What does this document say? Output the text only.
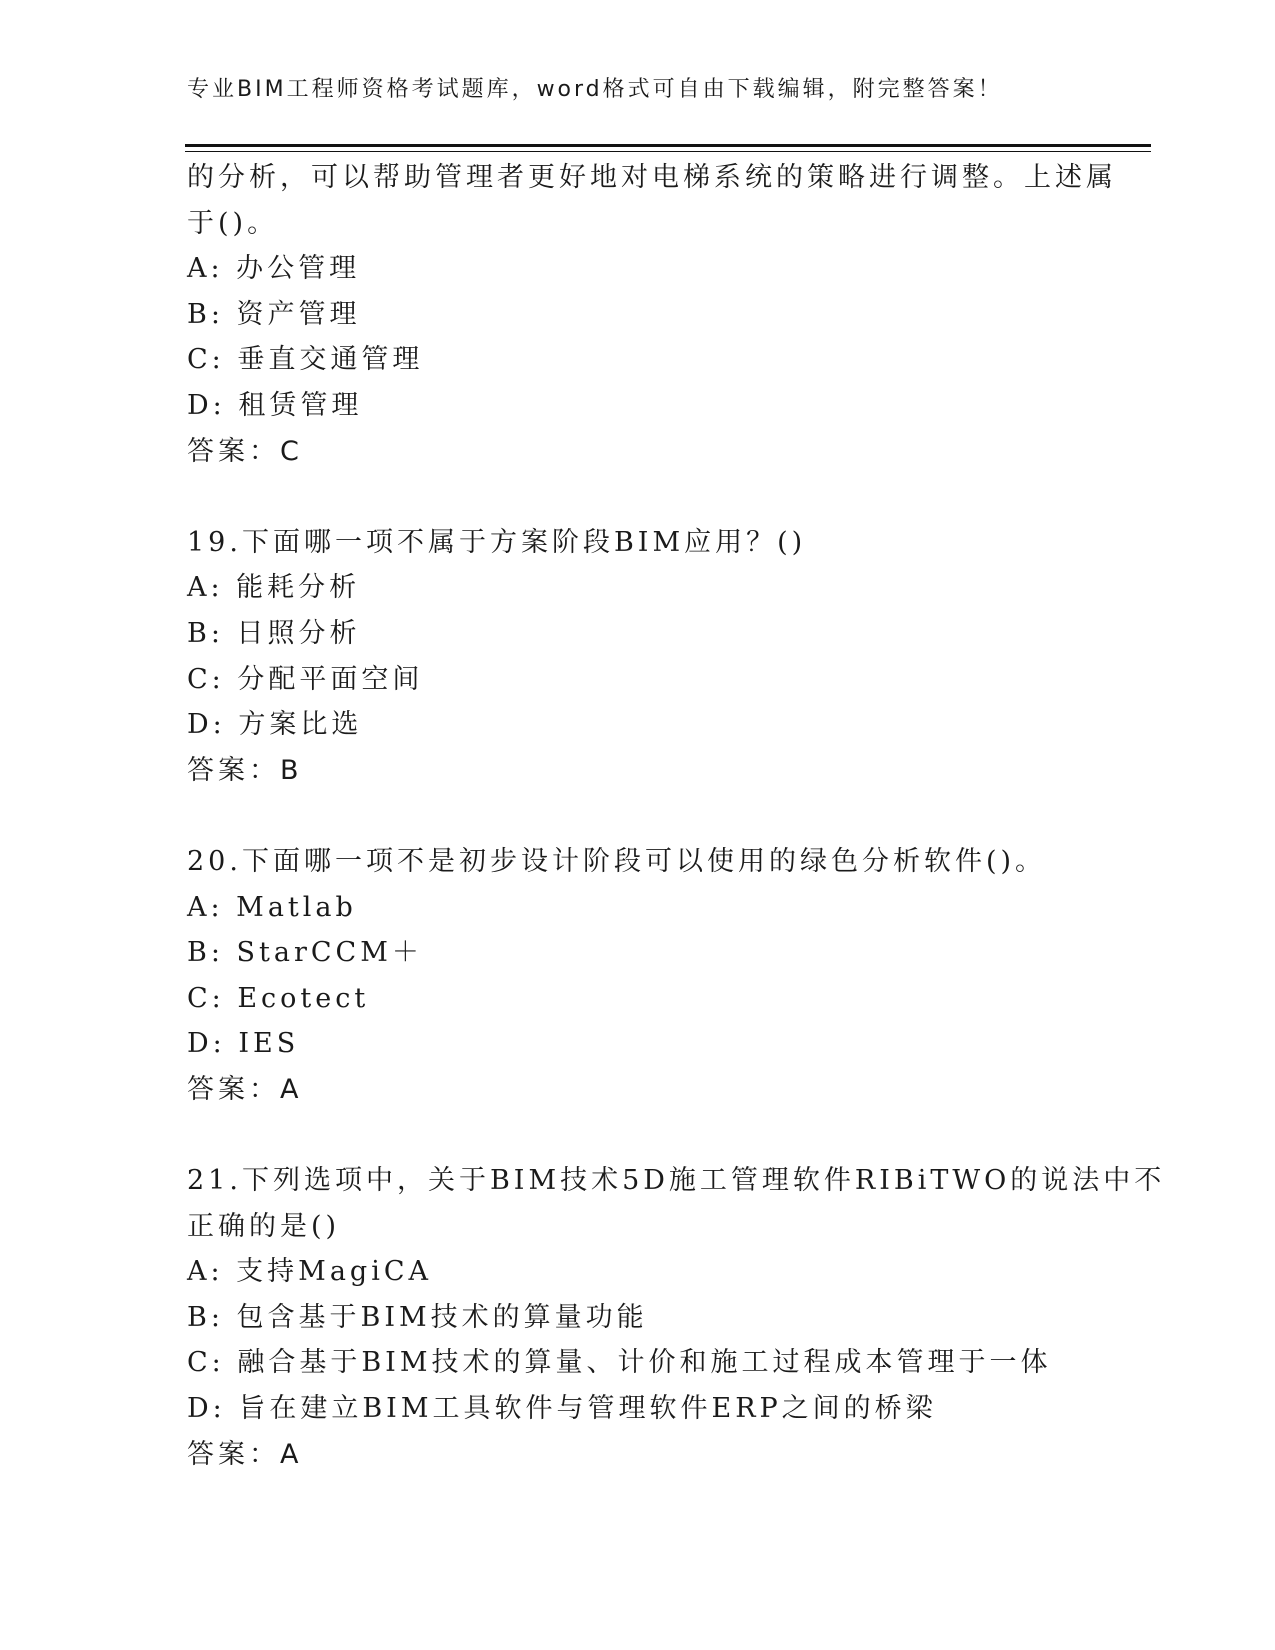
专业BIM工程师资格考试题库，word格式可自由下载编辑，附完整答案！
的分析，可以帮助管理者更好地对电梯系统的策略进行调整。上述属
于()。
A: 办公管理
B: 资产管理
C: 垂直交通管理
D: 租赁管理
答案：C
19.下面哪一项不属于方案阶段BIM应用？()
A: 能耗分析
B: 日照分析
C: 分配平面空间
D: 方案比选
答案：B
20.下面哪一项不是初步设计阶段可以使用的绿色分析软件()。
A: Matlab
B: StarCCM＋
C: Ecotect
D: IES
答案：A
21.下列选项中，关于BIM技术5D施工管理软件RIBiTWO的说法中不
正确的是()
A: 支持MagiCA
B: 包含基于BIM技术的算量功能
C: 融合基于BIM技术的算量、计价和施工过程成本管理于一体
D: 旨在建立BIM工具软件与管理软件ERP之间的桥梁
答案：A
